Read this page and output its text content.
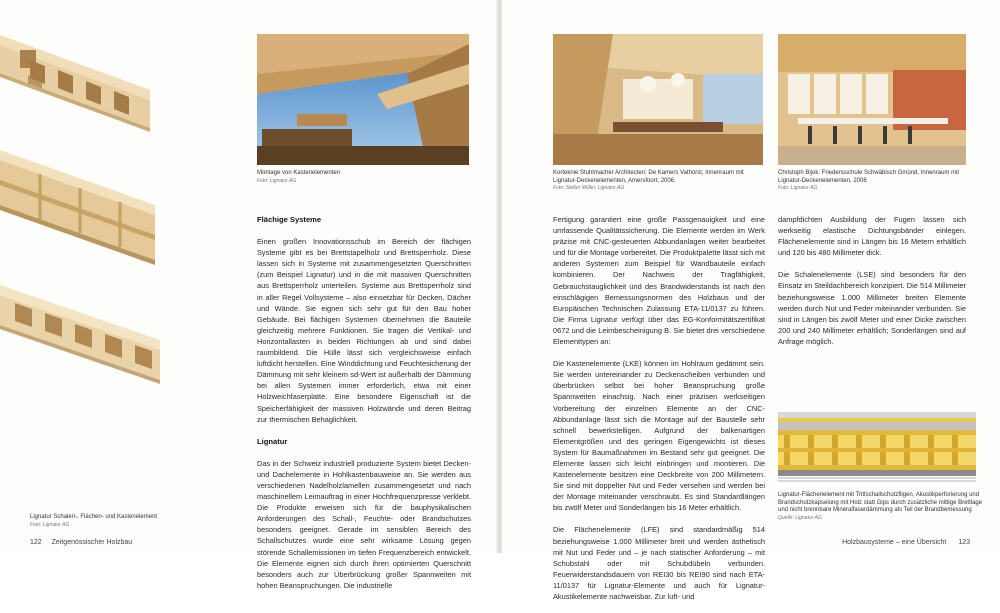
Lignatur Schalen-, Flächen- und Kastenelement
Foto: Lignatur AG
Montage von Kastenelementen
Foto: Lignatur AG
Flächige Systeme

Einen großen Innovationsschub im Bereich der flächigen Systeme gibt es bei Brettstapelholz und Brettsperrholz. Diese lassen sich in Systeme mit zusammengesetzten Querschnitten (zum Beispiel Lignatur) und in die mit massiven Querschnitten aus Brettsperrholz unterteilen. Systeme aus Brettsperrholz sind in aller Regel Vollsysteme – also einsetzbar für Decken, Dächer und Wände. Sie eignen sich sehr gut für den Bau hoher Gebäude. Bei flächigen Systemen übernehmen die Bauteile gleichzeitig mehrere Funktionen. Sie tragen die Vertikal- und Horizontallasten in beiden Richtungen ab und sind dabei raumbildend. Die Hülle lässt sich vergleichsweise einfach luftdicht herstellen. Eine Winddichtung und Feuchtesicherung der Dämmung mit sehr kleinem sd-Wert ist außerhalb der Dämmung bei allen Systemen immer erforderlich, etwa mit einer Holzweichfaserplatte. Eine besondere Eigenschaft ist die Speicherfähigkeit der massiven Holzwände und deren Beitrag zur thermischen Behaglichkeit.

Lignatur

Das in der Schweiz industriell produzierte System bietet Decken- und Dachelemente in Hohlkastenbauweise an. Sie werden aus verschiedenen Nadelholzlamellen zusammengesetzt und nach maschinellem Leimauftrag in einer Hochfrequenzpresse verklebt. Die Produkte erweisen sich für die bauphysikalischen Anforderungen des Schall-, Feuchte- oder Brandschutzes besonders geeignet. Gerade im sensiblen Bereich des Schallschutzes wurde eine sehr wirksame Lösung gegen störende Schallemissionen im tiefen Frequenzbereich entwickelt. Die Elemente eignen sich durch ihren optimierten Querschnitt besonders auch zur Überbrückung großer Spannweiten mit hohen Beanspruchungen. Die industrielle

122 Zeitgenössischer Holzbau
Korteknie Stuhlmacher Architecten: De Kamers Vathorst, Innenraum mit Lignatur-Deckenelementen, Amersfoort, 2006.
Foto: Stefan Müller, Lignatur AG
Christoph Bijok: Friedensschule Schwäbisch Gmünd, Innenraum mit Lignatur-Deckenelementen, 2006
Foto: Lignatur AG

Fertigung garantiert eine große Passgenauigkeit und eine umfassende Qualitätssicherung. Die Elemente werden im Werk präzise mit CNC-gesteuerten Abbundanlagen weiter bearbeitet und für die Montage vorbereitet. Die Produktpalette lässt sich mit anderen Systemen zum Beispiel für Wandbauteile einfach kombinieren. Der Nachweis der Tragfähigkeit, Gebrauchstauglichkeit und des Brandwiderstands ist nach den einschlägigen Bemessungsnormen des Holzbaus und der Europäischen Technischen Zulassung ETA-11/0137 zu führen. Die Firma Lignatur verfügt über das EG-Konformitätszertifikat 0672 und die Leimbescheinigung B. Sie bietet drei verschiedene Elementtypen an:

Die Kastenelemente (LKE) können im Hohlraum gedämmt sein. Sie werden untereinander zu Deckenscheiben verbunden und überbrücken selbst bei hoher Beanspruchung große Spannweiten einachsig. Nach einer präzisen werkseitigen Vorbereitung der einzelnen Elemente an der CNC-Abbundanlage lässt sich die Montage auf der Baustelle sehr schnell bewerkstelligen. Aufgrund der balkenartigen Elementgrößen und des geringen Eigengewichts ist dieses System für Baumaßnahmen im Bestand sehr gut geeignet. Die Elemente lassen sich leicht einbringen und montieren. Die Kastenelemente besitzen eine Deckbreite von 200 Millimetern. Sie sind mit doppelter Nut und Feder versehen und werden bei der Montage miteinander verschraubt. Es sind Standardlängen bis zwölf Meter und Sonderlängen bis 16 Meter erhältlich.

Die Flächenelemente (LFE) sind standardmäßig 514 beziehungsweise 1.000 Millimeter breit und werden ästhetisch mit Nut und Feder und – je nach statischer Anforderung – mit Schubstahl oder mit Schubdübeln verbunden. Feuerwiderstandsdauern von REI30 bis REI90 sind nach ETA-11/0137 für Lignatur-Elemente und auch für Lignatur-Akustikelemente nachweisbar. Zur luft- und

dampfdichten Ausbildung der Fugen lassen sich werkseitig elastische Dichtungsbänder einlegen. Flächenelemente sind in Längen bis 16 Metern erhältlich und 120 bis 480 Millimeter dick.

Die Schalenelemente (LSE) sind besonders für den Einsatz im Steildachbereich konzipiert. Die 514 Millimeter beziehungsweise 1.000 Millimeter breiten Elemente werden durch Nut und Feder miteinander verbunden. Sie sind in Längen bis zwölf Meter und einer Dicke zwischen 200 und 240 Millimeter erhältlich; Sonderlängen sind auf Anfrage möglich.

Lignatur-Flächenelement mit Trittschallschutzfilgen, Akustikperforierung und Brandschutzkapselung mit Holz statt Gips durch zusätzliche mittige Brettlage und nicht brennbare Mineralfaserdämmung als Teil der Brandbemessung
Quelle: Lignatur AG
Holzbausysteme – eine Übersicht 123
